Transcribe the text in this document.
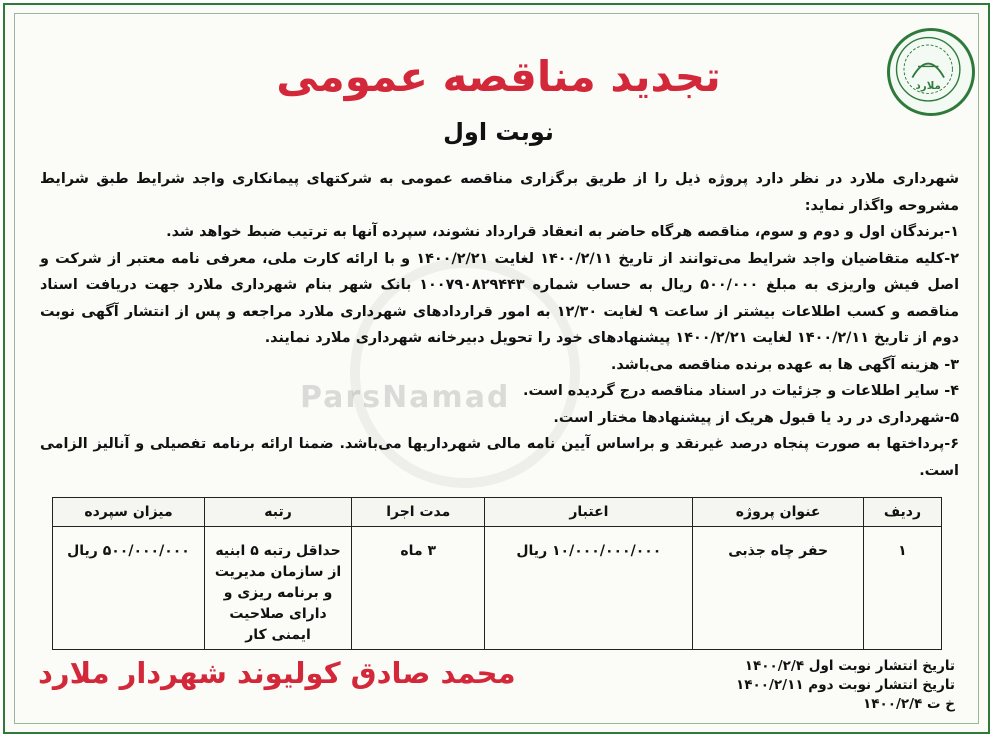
ملارد
تجدید مناقصه عمومی
نوبت اول

شهرداری ملارد در نظر دارد پروژه ذیل را از طریق برگزاری مناقصه عمومی به شرکتهای پیمانکاری واجد شرایط طبق شرایط مشروحه واگذار نماید:

۱-برندگان اول و دوم و سوم، مناقصه هرگاه حاضر به انعقاد قرارداد نشوند، سپرده آنها به ترتیب ضبط خواهد شد.

۲-کلیه متقاضیان واجد شرایط می‌توانند از تاریخ ۱۴۰۰/۲/۱۱ لغایت ۱۴۰۰/۲/۲۱ و با ارائه کارت ملی، معرفی نامه معتبر از شرکت و اصل فیش واریزی به مبلغ ۵۰۰/۰۰۰ ریال به حساب شماره ۱۰۰۷۹۰۸۲۹۴۴۳ بانک شهر بنام شهرداری ملارد جهت دریافت اسناد مناقصه و کسب اطلاعات بیشتر از ساعت ۹ لغایت ۱۲/۳۰ به امور قراردادهای شهرداری ملارد مراجعه و پس از انتشار آگهی نوبت دوم از تاریخ ۱۴۰۰/۲/۱۱ لغایت ۱۴۰۰/۲/۲۱ پیشنهادهای خود را تحویل دبیرخانه شهرداری ملارد نمایند.

۳- هزینه آگهی ها به عهده برنده مناقصه می‌باشد.

۴- سایر اطلاعات و جزئیات در اسناد مناقصه درج گردیده است.

۵-شهرداری در رد یا قبول هریک از پیشنهادها مختار است.

۶-پرداختها به صورت پنجاه درصد غیرنقد و براساس آیین نامه مالی شهرداریها می‌باشد. ضمنا ارائه برنامه تفصیلی و آنالیز الزامی است.

ParsNamad
ردیف	عنوان پروژه	اعتبار	مدت اجرا	رتبه	میزان سپرده
۱	حفر چاه جذبی	۱۰/۰۰۰/۰۰۰/۰۰۰ ریال	۳ ماه	حداقل رتبه ۵ ابنیه از سازمان مدیریت و برنامه ریزی و دارای صلاحیت ایمنی کار	۵۰۰/۰۰۰/۰۰۰ ریال
تاریخ انتشار نوبت اول ۱۴۰۰/۲/۴
تاریخ انتشار نوبت دوم ۱۴۰۰/۲/۱۱
خ ت ۱۴۰۰/۲/۴
محمد صادق کولیوند شهردار ملارد
